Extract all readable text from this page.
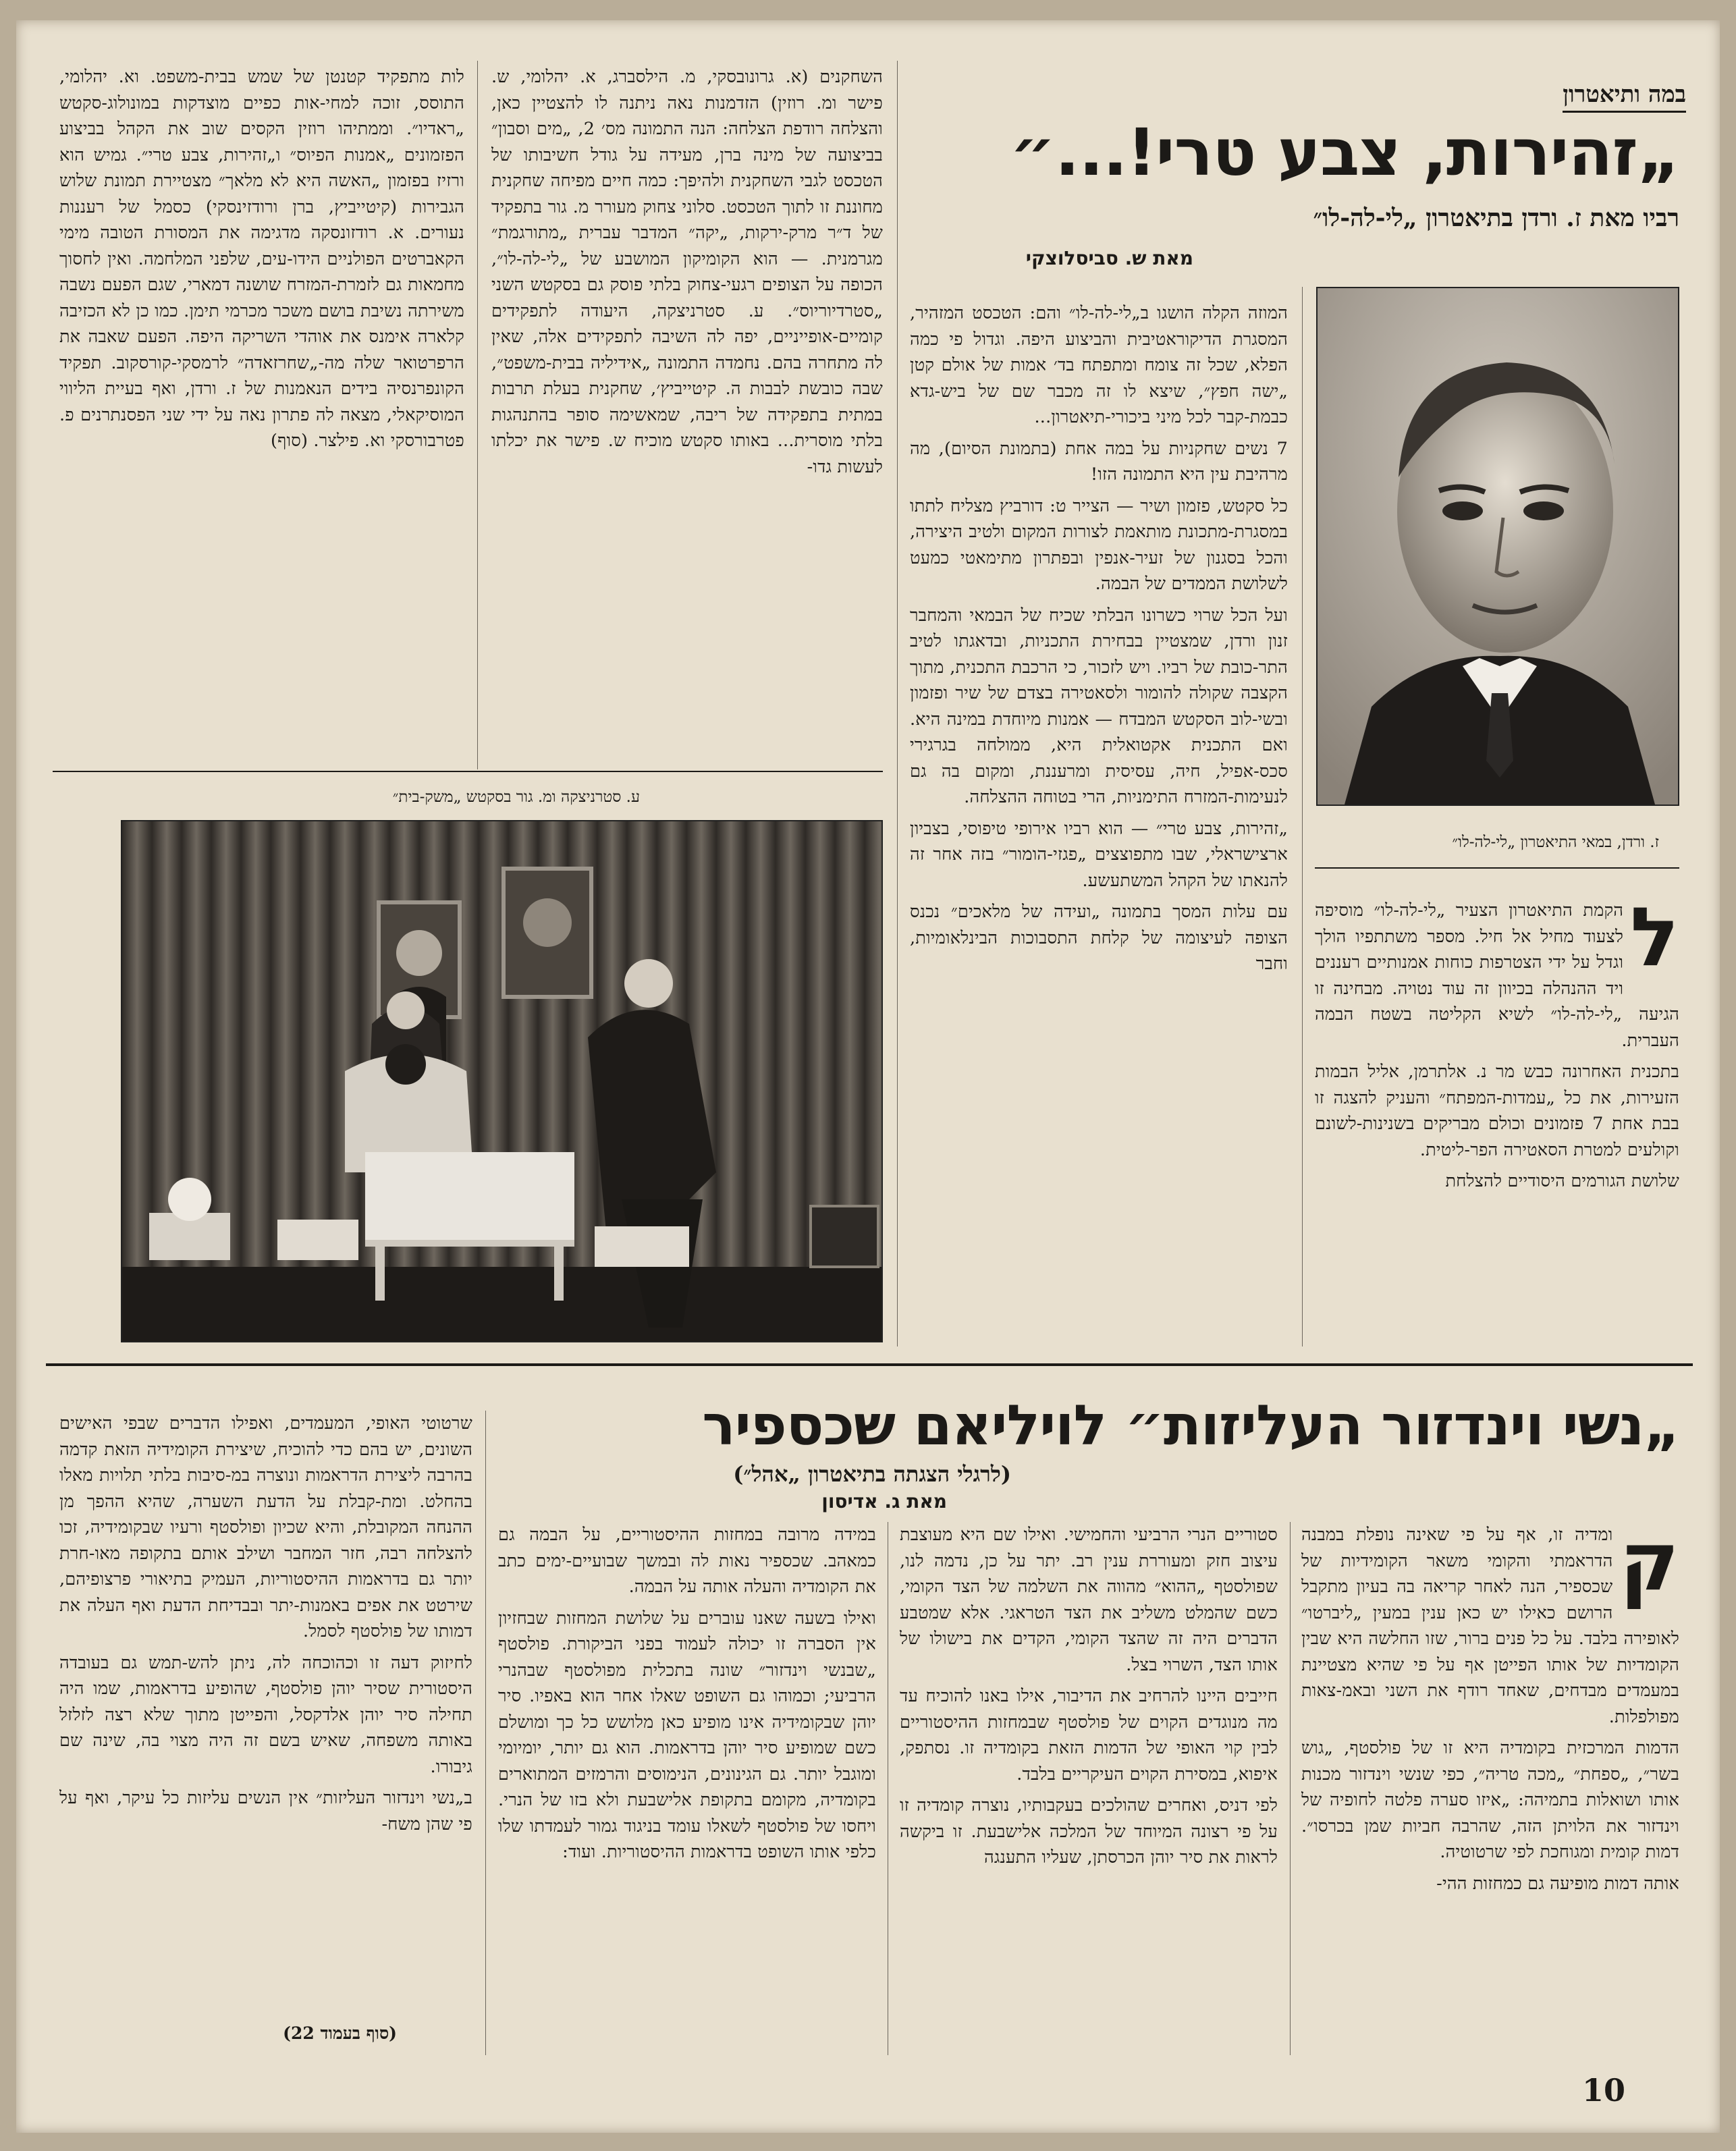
במה ותיאטרון
„זהירות, צבע טרי!...״
רביו מאת ז. ורדן בתיאטרון „לי-לה-לו״
מאת ש. סביסלוצקי
ז. ורדן, במאי התיאטרון „לי-לה-לו״
ל

הקמת התיאטרון הצעיר „לי-לה-לו״ מוסיפה לצעוד מחיל אל חיל. מספר משתתפיו הולך וגדל על ידי הצטרפות כוחות אמנותיים רעננים ויד ההנהלה בכיוון זה עוד נטויה. מבחינה זו הגיעה „לי-לה-לו״ לשיא הקליטה בשטח הבמה העברית.

בתכנית האחרונה כבש מר נ. אלתרמן, אליל הבמות הזעירות, את כל „עמדות-המפתח״ והעניק להצגה זו בבת אחת 7 פזמונים וכולם מבריקים בשנינות-לשונם וקולעים למטרת הסאטירה הפר-ליטית.

שלושת הגורמים היסודיים להצלחת

המוזה הקלה הושגו ב„לי-לה-לו״ והם: הטכסט המזהיר, המסגרת הדיקוראטיבית והביצוע היפה. וגדול פי כמה הפלא, שכל זה צומח ומתפתח בד׳ אמות של אולם קטן „ישה חפץ״, שיצא לו זה מכבר שם של ביש-גדא כבמת-קבר לכל מיני ביכורי-תיאטרון...

7 נשים שחקניות על במה אחת (בתמונת הסיום), מה מרהיבת עין היא התמונה הזו!

כל סקטש, פזמון ושיר — הצייר ט: דורביץ מצליח לתתו במסגרת-מתכונת מותאמת לצורות המקום ולטיב היצירה, והכל בסגנון של זעיר-אנפין ובפתרון מתימאטי כמעט לשלושת הממדים של הבמה.

ועל הכל שרוי כשרונו הבלתי שכיח של הבמאי והמחבר זנון ורדן, שמצטיין בבחירת התכניות, ובדאגתו לטיב התר-כובת של רביו. ויש לזכור, כי הרכבת התכנית, מתוך הקצבה שקולה להומור ולסאטירה בצדם של שיר ופזמון ובשי-לוב הסקטש המבדח — אמנות מיוחדת במינה היא. ואם התכנית אקטואלית היא, ממולחה בגרגירי סכס-אפיל, חיה, עסיסית ומרעננת, ומקום בה גם לנעימות-המזרח התימניות, הרי בטוחה ההצלחה.

„זהירות, צבע טרי״ — הוא רביו אירופי טיפוסי, בצביון ארצישראלי, שבו מתפוצצים „פגזי-הומור״ בזה אחר זה להנאתו של הקהל המשתעשע.

עם עלות המסך בתמונה „ועידה של מלאכים״ נכנס הצופה לעיצומה של קלחת התסבוכות הבינלאומיות, וחבר

השחקנים (א. גרונובסקי, מ. הילסברג, א. יהלומי, ש. פישר ומ. רוזין) הזדמנות נאה ניתנה לו להצטיין כאן, והצלחה רודפת הצלחה: הנה התמונה מס׳ 2, „מים וסבון״ בביצועה של מינה ברן, מעידה על גודל חשיבותו של הטכסט לגבי השחקנית ולהיפך: כמה חיים מפיחה שחקנית מחוננת זו לתוך הטכסט. סלוני צחוק מעורר מ. גור בתפקיד של ד״ר מרק-ירקות, „יקה״ המדבר עברית „מתורגמת״ מגרמנית. — הוא הקומיקון המושבע של „לי-לה-לו״, הכופה על הצופים רגעי-צחוק בלתי פוסק גם בסקטש השני „סטרדיוריוס״. ע. סטרניצקה, היעודה לתפקידים קומיים-אופייניים, יפה לה השיבה לתפקידים אלה, שאין לה מתחרה בהם. נחמדה התמונה „אידיליה בבית-משפט״, שבה כובשת לבבות ה. קיטייביץ׳, שחקנית בעלת תרבות במתית בתפקידה של ריבה, שמאשימה סופר בהתנהגות בלתי מוסרית... באותו סקטש מוכיח ש. פישר את יכלתו לעשות גדו-

לות מתפקיד קטנטן של שמש בבית-משפט. וא. יהלומי, התוסס, זוכה למחי-אות כפיים מוצדקות במונולוג-סקטש „ראדיו״. וממתיהו רוזין הקסים שוב את הקהל בביצוע הפזמונים „אמנות הפיוס״ ו„זהירות, צבע טרי״. גמיש הוא ורזיז בפזמון „האשה היא לא מלאך״ מצטיירת תמונת שלוש הגבירות (קיטייביץ, ברן ורודזינסקי) כסמל של רעננות נעורים. א. רודזונסקה מדגימה את המסורת הטובה מימי הקאברטים הפולניים הידו-עים, שלפני המלחמה. ואין לחסוך מחמאות גם לזמרת-המזרח שושנה דמארי, שגם הפעם נשבה משירתה נשיבת בושם משכר מכרמי תימן. כמו כן לא הכזיבה קלארה אימנס את אוהדי השריקה היפה. הפעם שאבה את הרפרטואר שלה מה-„שחרזאדה״ לרמסקי-קורסקוב. תפקיד הקונפרנסיה בידים הנאמנות של ז. ורדן, ואף בעיית הליווי המוסיקאלי, מצאה לה פתרון נאה על ידי שני הפסנתרנים פ. פטרבורסקי וא. פילצר. (סוף)

ע. סטרניצקה ומ. גור בסקטש „משק-בית״
„נשי וינדזור העליזות״ לויליאם שכספיר
(לרגלי הצגתה בתיאטרון „אהל״)
מאת ג. אדיסון
ק

ומדיה זו, אף על פי שאינה נופלת במבנה הדראמתי והקומי משאר הקומידיות של שכספיר, הנה לאחר קריאה בה בעיון מתקבל הרושם כאילו יש כאן ענין במעין „ליברטו״ לאופירה בלבד. על כל פנים ברור, שזו החלשה היא שבין הקומדיות של אותו הפייטן אף על פי שהיא מצטיינת במעמדים מבדחים, שאחד רודף את השני ובאמ-צאות מפולפלות.

הדמות המרכזית בקומדיה היא זו של פולסטף, „גוש בשר״, „ספחת״ „מכה טריה״, כפי שנשי וינדזור מכנות אותו ושואלות בתמיהה: „איזו סערה פלטה לחופיה של וינדזור את הלויתן הזה, שהרבה חביות שמן בכרסו״. דמות קומית ומגוחכת לפי שרטוטיה.

אותה דמות מופיעה גם כמחזות ההי-

סטוריים הנרי הרביעי והחמישי. ואילו שם היא מעוצבת עיצוב חזק ומעוררת ענין רב. יתר על כן, נדמה לנו, שפולסטף „ההוא״ מהווה את השלמה של הצד הקומי, כשם שהמלט משליב את הצד הטראגי. אלא שמטבע הדברים היה זה שהצד הקומי, הקדים את בישולו של אותו הצד, השרוי בצל.

חייבים היינו להרחיב את הדיבור, אילו באנו להוכיח עד מה מנוגדים הקוים של פולסטף שבמחזות ההיסטוריים לבין קוי האופי של הדמות הזאת בקומדיה זו. נסתפק, איפוא, במסירת הקוים העיקריים בלבד.

לפי דניס, ואחרים שהולכים בעקבותיו, נוצרה קומדיה זו על פי רצונה המיוחד של המלכה אלישבעת. זו ביקשה לראות את סיר יוהן הכרסתן, שעליו התענגה

במידה מרובה במחזות ההיסטוריים, על הבמה גם כמאהב. שכספיר נאות לה ובמשך שבועיים-ימים כתב את הקומדיה והעלה אותה על הבמה.

ואילו בשעה שאנו עוברים על שלושת המחזות שבחזיון אין הסברה זו יכולה לעמוד בפני הביקורת. פולסטף „שבנשי וינדזור״ שונה בתכלית מפולסטף שבהנרי הרביעי; וכמוהו גם השופט שאלו אחר הוא באפיו. סיר יוהן שבקומידיה אינו מופיע כאן מלושש כל כך ומושלם כשם שמופיע סיר יוהן בדראמות. הוא גם יותר, יומיומי ומוגבל יותר. גם הגינונים, הנימוסים והרמזים המתוארים בקומדיה, מקומם בתקופת אלישבעת ולא בזו של הנרי. ויחסו של פולסטף לשאלו עומד בניגוד גמור לעמדתו שלו כלפי אותו השופט בדראמות ההיסטוריות. ועוד:

שרטוטי האופי, המעמדים, ואפילו הדברים שבפי האישים השונים, יש בהם כדי להוכיח, שיצירת הקומידיה הזאת קדמה בהרבה ליצירת הדראמות ונוצרה במ-סיבות בלתי תלויות מאלו בהחלט. ומת-קבלת על הדעת השערה, שהיא ההפך מן ההנחה המקובלת, והיא שכיון ופולסטף ורעיו שבקומידיה, זכו להצלחה רבה, חזר המחבר ושילב אותם בתקופה מאו-חרת יותר גם בדראמות ההיסטוריות, העמיק בתיאורי פרצופיהם, שירטט את אפים באמנות-יתר ובבדיחת הדעת ואף העלה את דמותו של פולסטף לסמל.

לחיזוק דעה זו וכהוכחה לה, ניתן להש-תמש גם בעובדה היסטורית שסיר יוהן פולסטף, שהופיע בדראמות, שמו היה תחילה סיר יוהן אלדקסל, והפייטן מתוך שלא רצה לזלזל באותה משפחה, שאיש בשם זה היה מצוי בה, שינה שם גיבורו.

ב„נשי וינדזור העליזות״ אין הנשים עליזות כל עיקר, ואף על פי שהן משח-

(סוף בעמוד 22)
10
